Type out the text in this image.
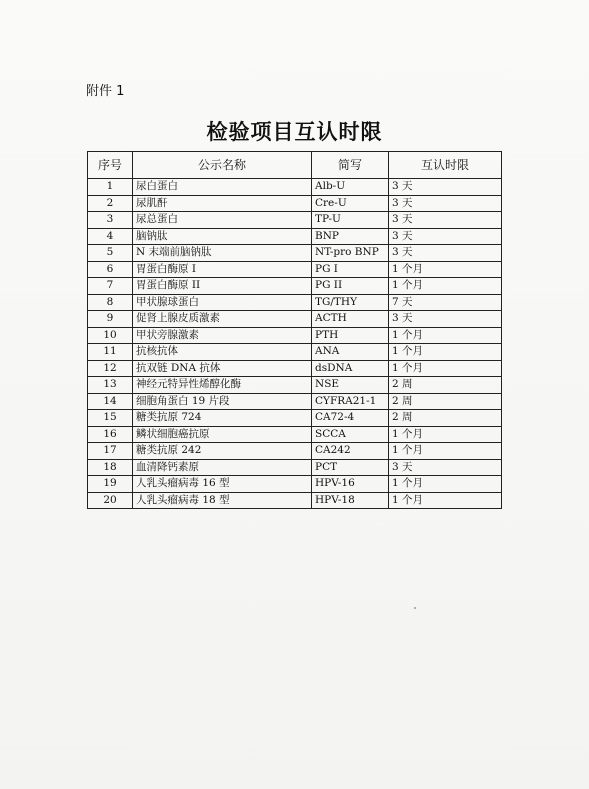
附件 1
检验项目互认时限
序号	公示名称	简写	互认时限
1	尿白蛋白	Alb-U	3 天
2	尿肌酐	Cre-U	3 天
3	尿总蛋白	TP-U	3 天
4	脑钠肽	BNP	3 天
5	N 末端前脑钠肽	NT-pro BNP	3 天
6	胃蛋白酶原 I	PG I	1 个月
7	胃蛋白酶原 II	PG II	1 个月
8	甲状腺球蛋白	TG/THY	7 天
9	促肾上腺皮质激素	ACTH	3 天
10	甲状旁腺激素	PTH	1 个月
11	抗核抗体	ANA	1 个月
12	抗双链 DNA 抗体	dsDNA	1 个月
13	神经元特异性烯醇化酶	NSE	2 周
14	细胞角蛋白 19 片段	CYFRA21-1	2 周
15	糖类抗原 724	CA72-4	2 周
16	鳞状细胞癌抗原	SCCA	1 个月
17	糖类抗原 242	CA242	1 个月
18	血清降钙素原	PCT	3 天
19	人乳头瘤病毒 16 型	HPV-16	1 个月
20	人乳头瘤病毒 18 型	HPV-18	1 个月
